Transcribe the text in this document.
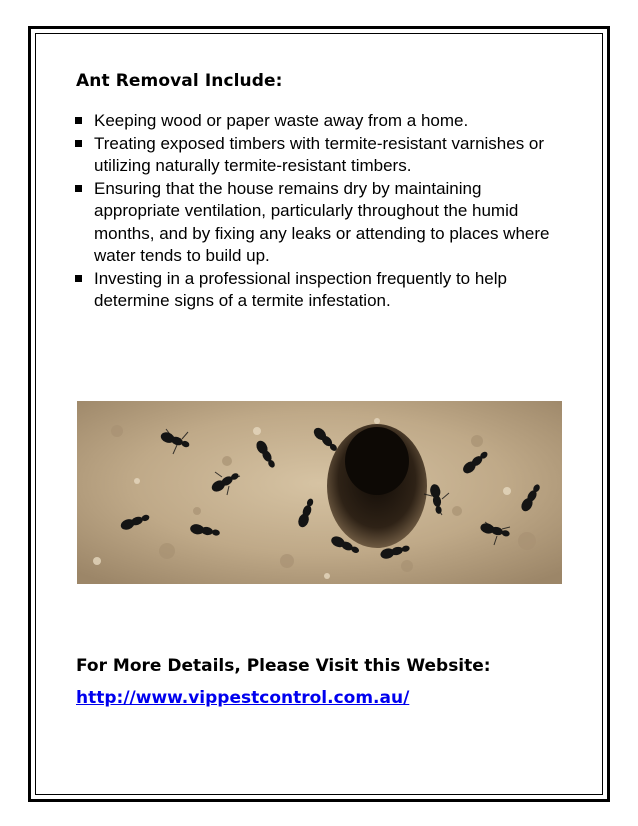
Ant Removal Include:
Keeping wood or paper waste away from a home.
Treating exposed timbers with termite-resistant varnishes or utilizing naturally termite-resistant timbers.
Ensuring that the house remains dry by maintaining appropriate ventilation, particularly throughout the humid months, and by fixing any leaks or attending to places where water tends to build up.
Investing in a professional inspection frequently to help determine signs of a termite infestation.
For More Details, Please Visit this Website:
http://www.vippestcontrol.com.au/
